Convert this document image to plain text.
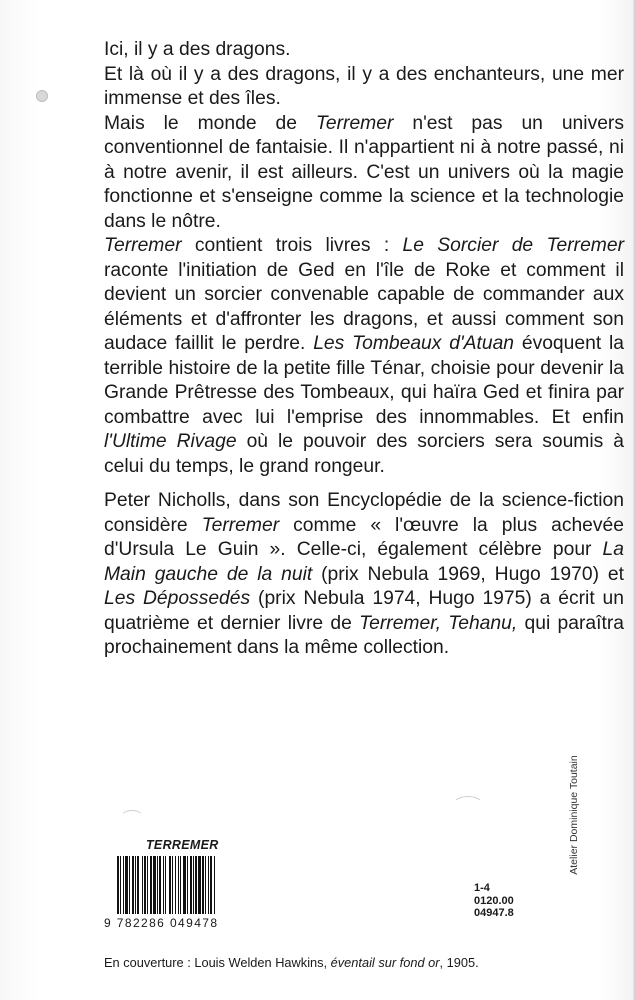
Ici, il y a des dragons.

Et là où il y a des dragons, il y a des enchanteurs, une mer immense et des îles.

Mais le monde de Terremer n'est pas un univers conventionnel de fantaisie. Il n'appartient ni à notre passé, ni à notre avenir, il est ailleurs. C'est un univers où la magie fonctionne et s'enseigne comme la science et la technologie dans le nôtre.

Terremer contient trois livres : Le Sorcier de Terremer raconte l'initiation de Ged en l'île de Roke et comment il devient un sorcier convenable capable de commander aux éléments et d'affronter les dragons, et aussi comment son audace faillit le perdre. Les Tombeaux d'Atuan évoquent la terrible histoire de la petite fille Ténar, choisie pour devenir la Grande Prêtresse des Tombeaux, qui haïra Ged et finira par combattre avec lui l'emprise des innommables. Et enfin l'Ultime Rivage où le pouvoir des sorciers sera soumis à celui du temps, le grand rongeur.

Peter Nicholls, dans son Encyclopédie de la science-fiction considère Terremer comme « l'œuvre la plus achevée d'Ursula Le Guin ». Celle-ci, également célèbre pour La Main gauche de la nuit (prix Nebula 1969, Hugo 1970) et Les Dépossedés (prix Nebula 1974, Hugo 1975) a écrit un quatrième et dernier livre de Terremer, Tehanu, qui paraîtra prochainement dans la même collection.

TERREMER
9 782286 049478
1-4
0120.00
04947.8
En couverture : Louis Welden Hawkins, éventail sur fond or, 1905.
Atelier Dominique Toutain
